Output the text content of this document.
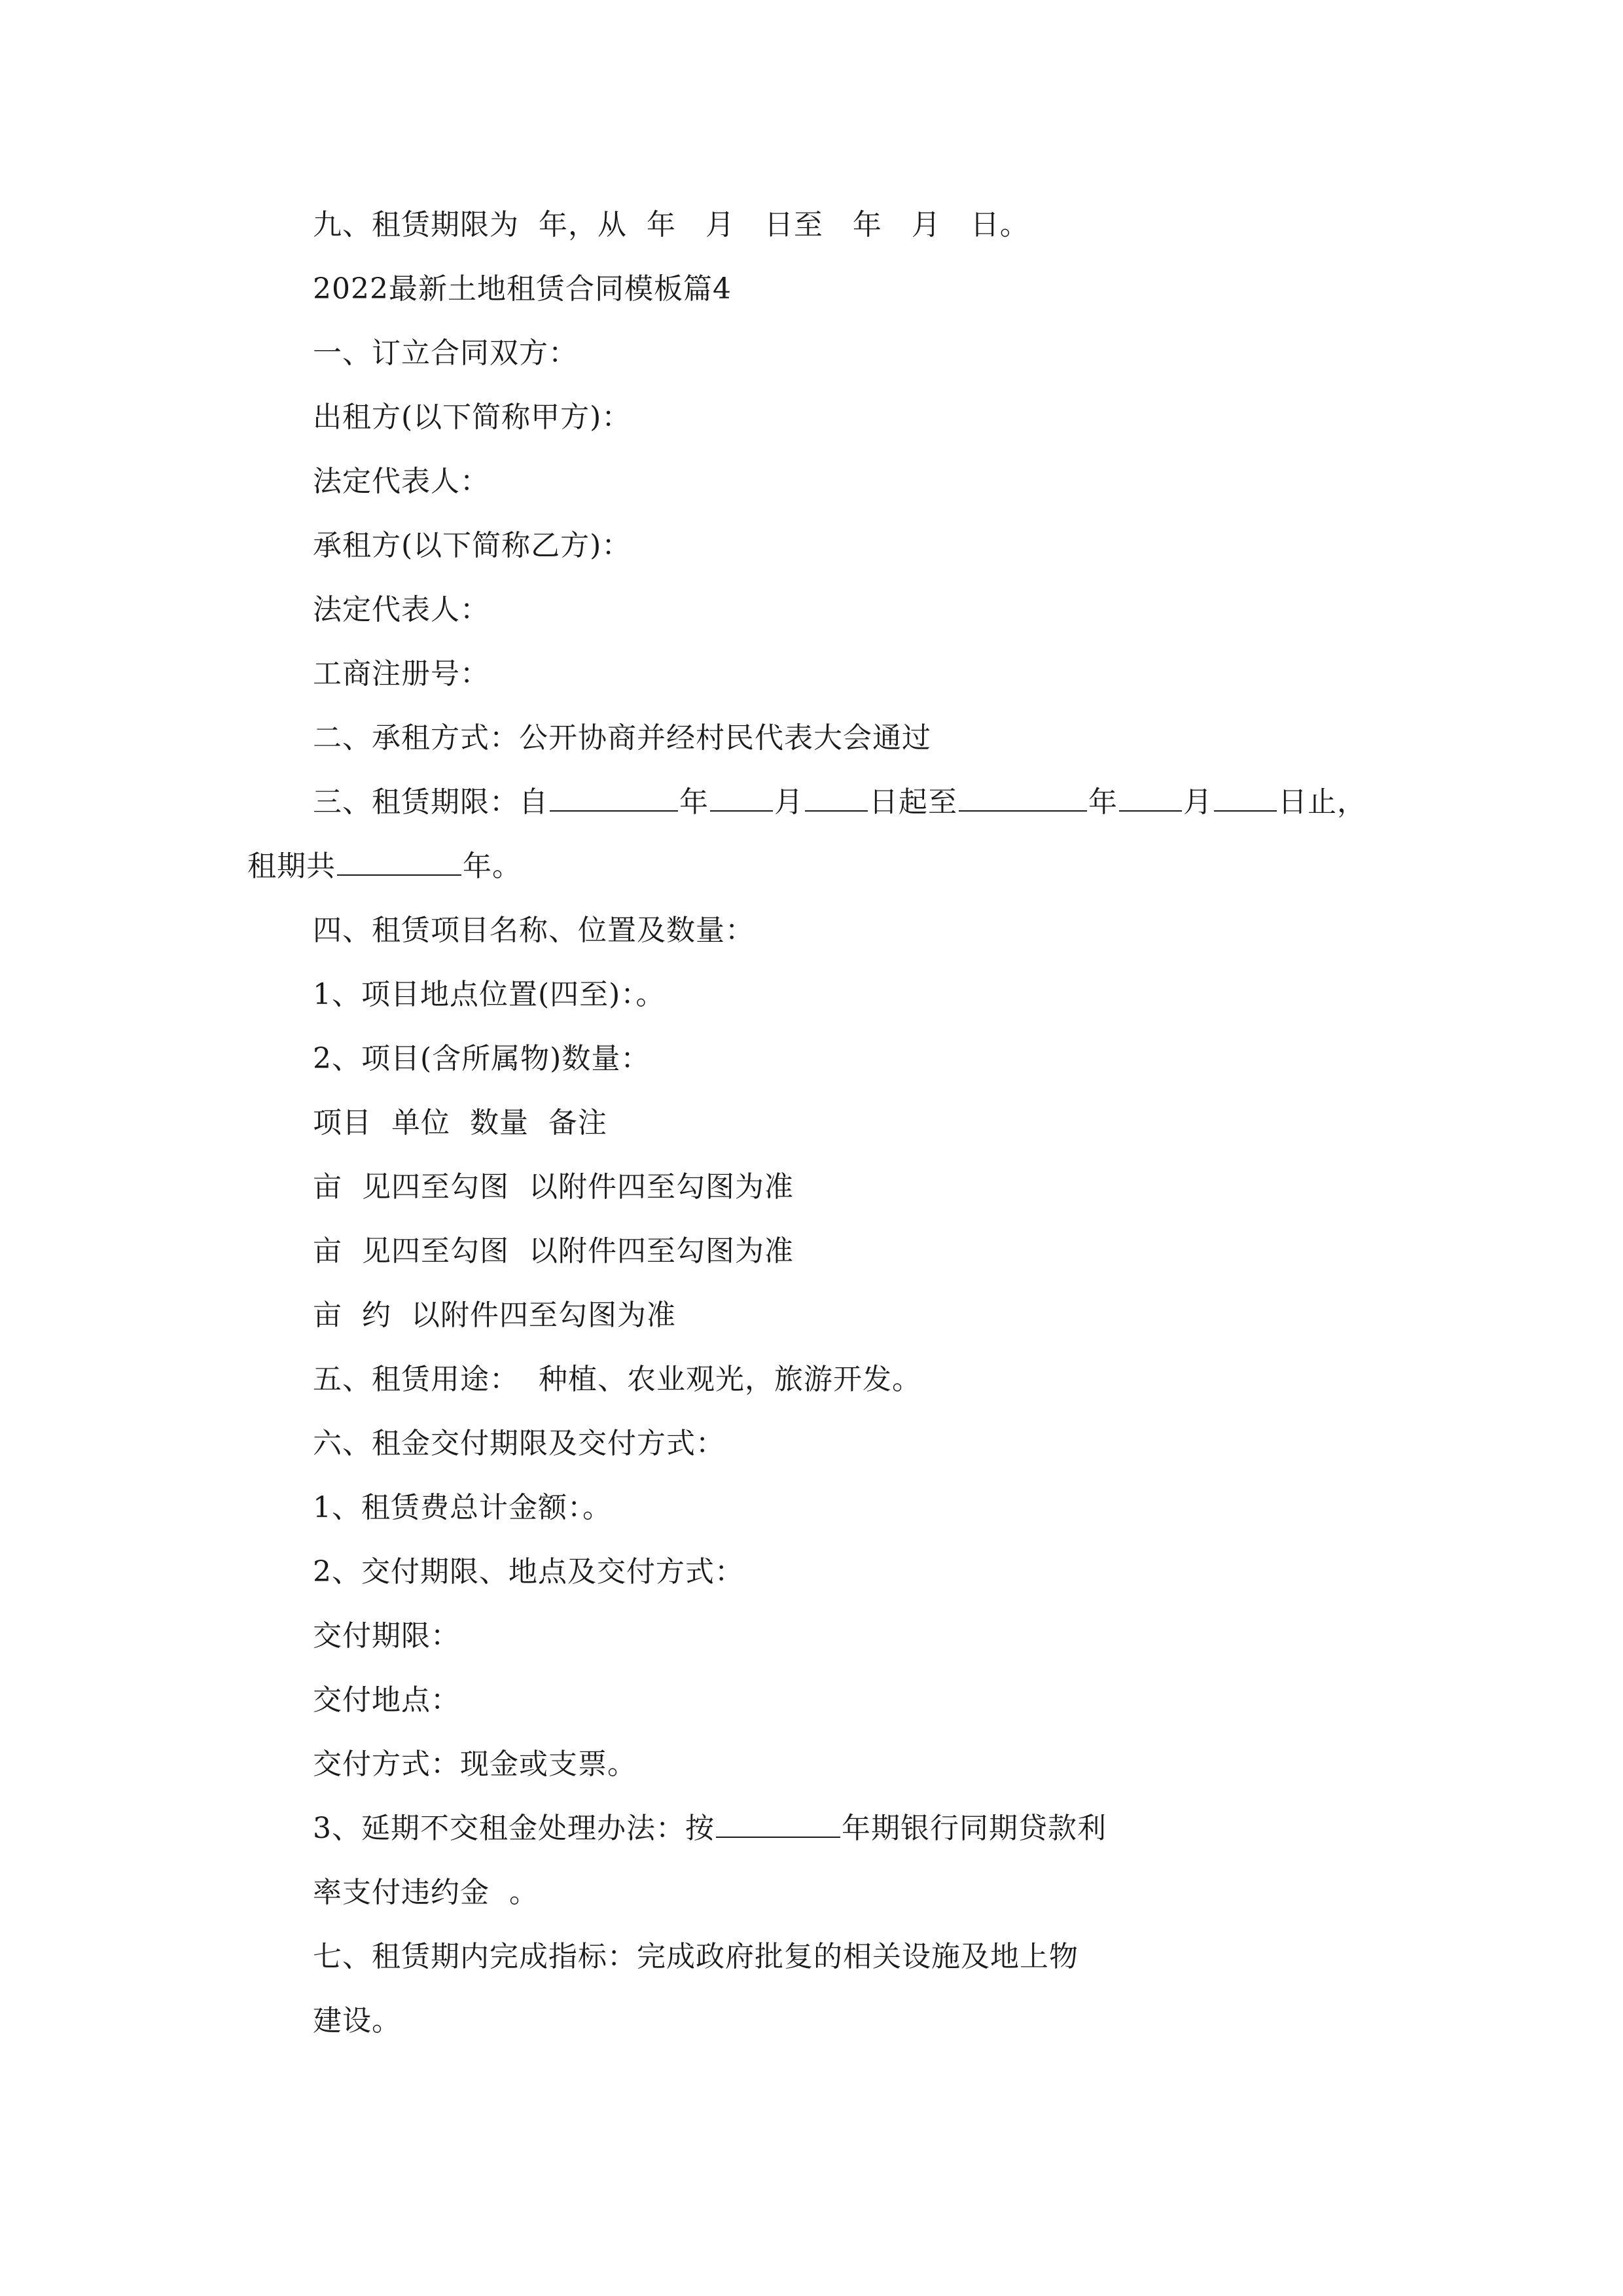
九、租赁期限为  年，从  年   月   日至   年   月   日。
2022最新土地租赁合同模板篇4
一、订立合同双方：
出租方(以下简称甲方)：
法定代表人：
承租方(以下简称乙方)：
法定代表人：
工商注册号：
二、承租方式：公开协商并经村民代表大会通过
三、租赁期限：自	年 月 日起至	年 月 日止，
租期共	年。
四、租赁项目名称、位置及数量：
1、项目地点位置(四至)：。
2、项目(含所属物)数量：
项目  单位  数量  备注
亩  见四至勾图  以附件四至勾图为准
亩  见四至勾图  以附件四至勾图为准
亩  约  以附件四至勾图为准
五、租赁用途：  种植、农业观光，旅游开发。
六、租金交付期限及交付方式：
1、租赁费总计金额：。
2、交付期限、地点及交付方式：
交付期限：
交付地点：
交付方式：现金或支票。
3、延期不交租金处理办法：按	年期银行同期贷款利
率支付违约金  。
七、租赁期内完成指标：完成政府批复的相关设施及地上物
建设。
